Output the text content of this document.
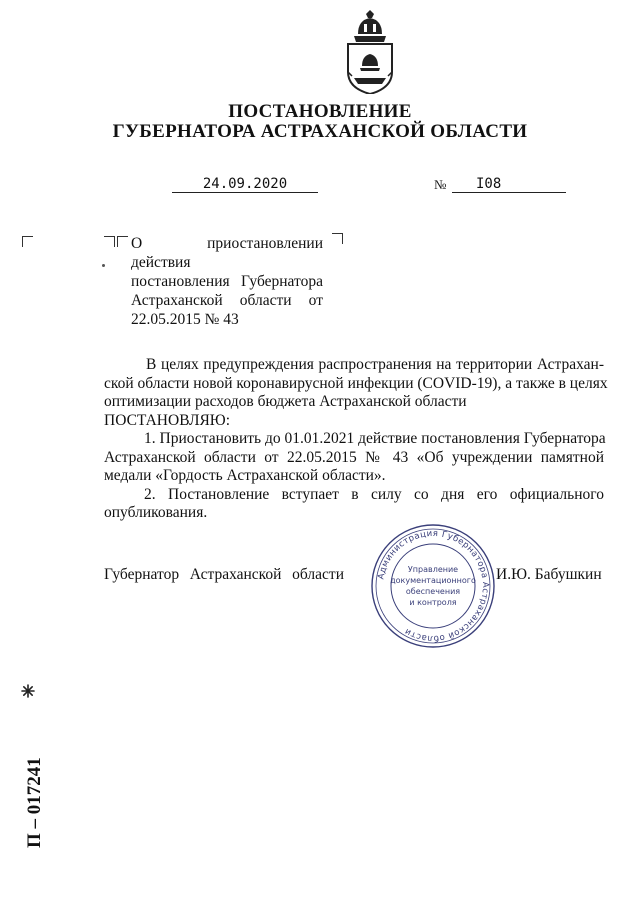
ПОСТАНОВЛЕНИЕ
ГУБЕРНАТОРА АСТРАХАНСКОЙ ОБЛАСТИ
24.09.2020	№	I08
О приостановлении действия
постановления Губернатора
Астраханской области от
22.05.2015 № 43
В целях предупреждения распространения на территории Астрахан-
ской области новой коронавирусной инфекции (COVID-19), а также в целях
оптимизации расходов бюджета Астраханской области
ПОСТАНОВЛЯЮ:
1. Приостановить до 01.01.2021 действие постановления Губернатора
Астраханской области от 22.05.2015 № 43 «Об учреждении памятной
медали «Гордость Астраханской области».
2. Постановление вступает в силу со дня его официального
опубликования.
Губернатор Астраханской области	И.Ю. Бабушкин
Администрация Губернатора Астраханской области
Управление
документационного
обеспечения
и контроля
П – 017241
